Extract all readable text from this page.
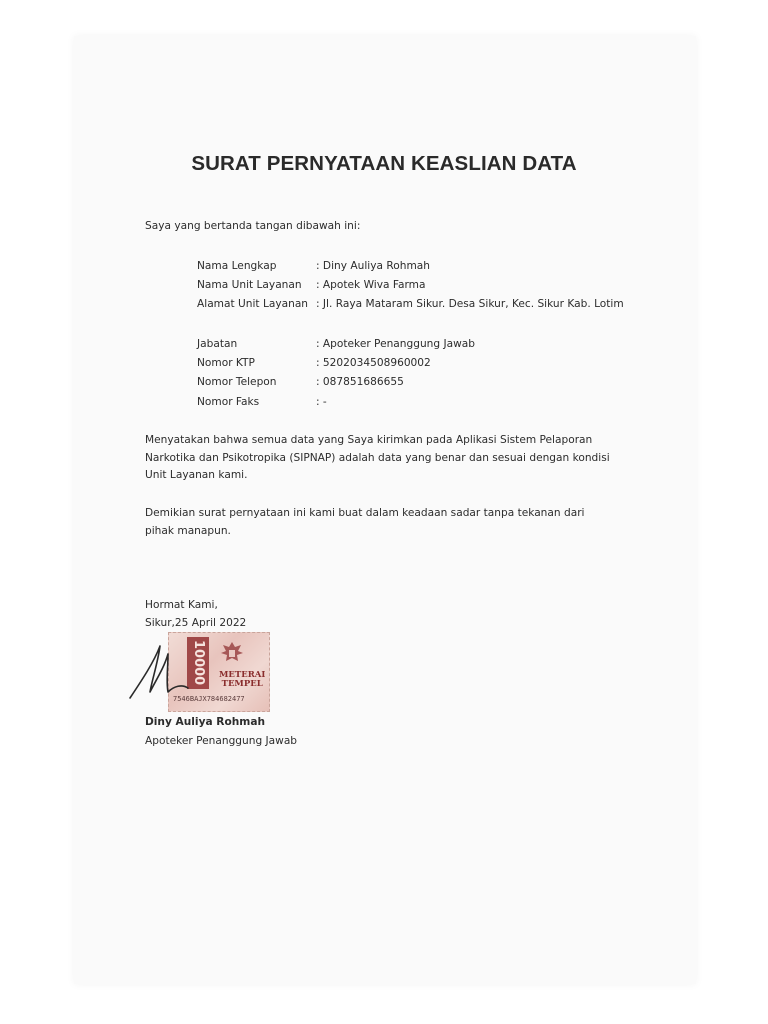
SURAT PERNYATAAN KEASLIAN DATA

Saya yang bertanda tangan dibawah ini:

Nama Lengkap	: Diny Auliya Rohmah
Nama Unit Layanan : Apotek Wiva Farma
Alamat Unit Layanan : Jl. Raya Mataram Sikur. Desa Sikur, Kec. Sikur Kab. Lotim
Jabatan	: Apoteker Penanggung Jawab
Nomor KTP	: 5202034508960002
Nomor Telepon	: 087851686655
Nomor Faks	: -

Menyatakan bahwa semua data yang Saya kirimkan pada Aplikasi Sistem Pelaporan Narkotika dan Psikotropika (SIPNAP) adalah data yang benar dan sesuai dengan kondisi Unit Layanan kami.

Demikian surat pernyataan ini kami buat dalam keadaan sadar tanpa tekanan dari pihak manapun.

Hormat Kami,

Sikur,25 April 2022

10000	METERAI
TEMPEL
7546BAJX784682477

Diny Auliya Rohmah

Apoteker Penanggung Jawab
